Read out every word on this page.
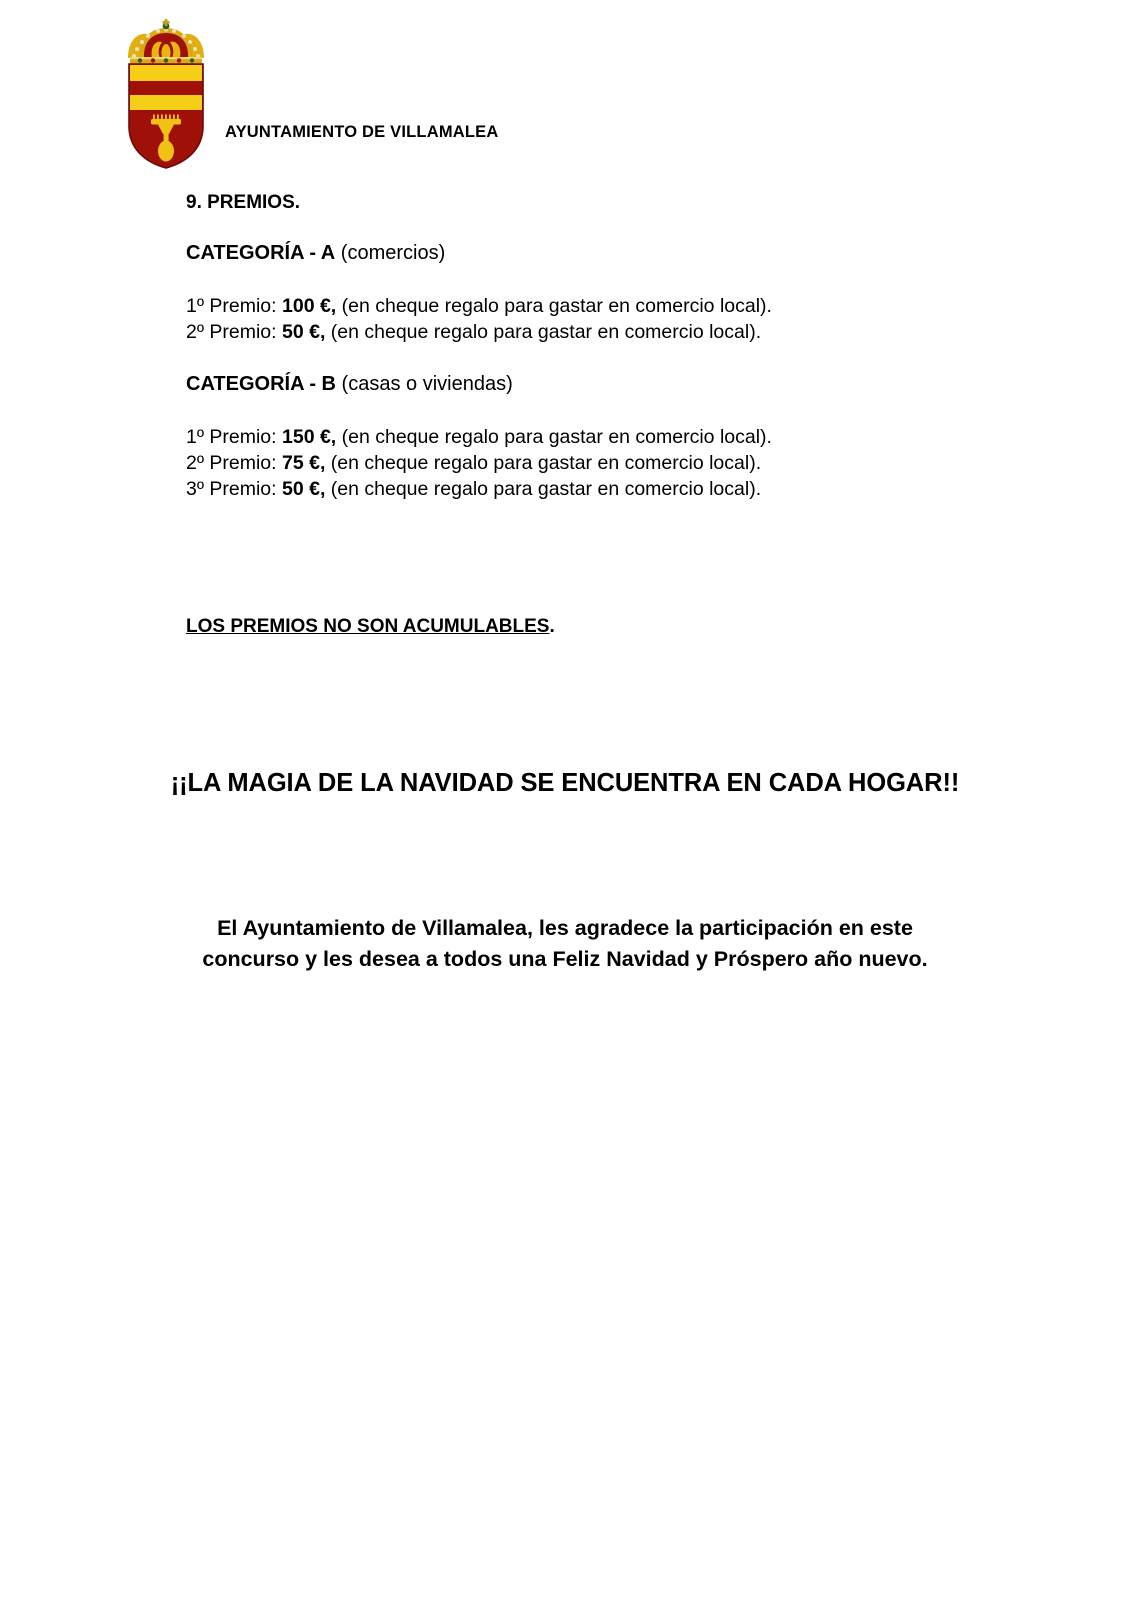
AYUNTAMIENTO DE VILLAMALEA

9. PREMIOS.

CATEGORÍA - A (comercios)

1º Premio: 100 €, (en cheque regalo para gastar en comercio local).

2º Premio: 50 €, (en cheque regalo para gastar en comercio local).

CATEGORÍA - B (casas o viviendas)

1º Premio: 150 €, (en cheque regalo para gastar en comercio local).

2º Premio: 75 €, (en cheque regalo para gastar en comercio local).

3º Premio: 50 €, (en cheque regalo para gastar en comercio local).

LOS PREMIOS NO SON ACUMULABLES.

¡¡LA MAGIA DE LA NAVIDAD SE ENCUENTRA EN CADA HOGAR!!
El Ayuntamiento de Villamalea, les agradece la participación en este
concurso y les desea a todos una Feliz Navidad y Próspero año nuevo.
